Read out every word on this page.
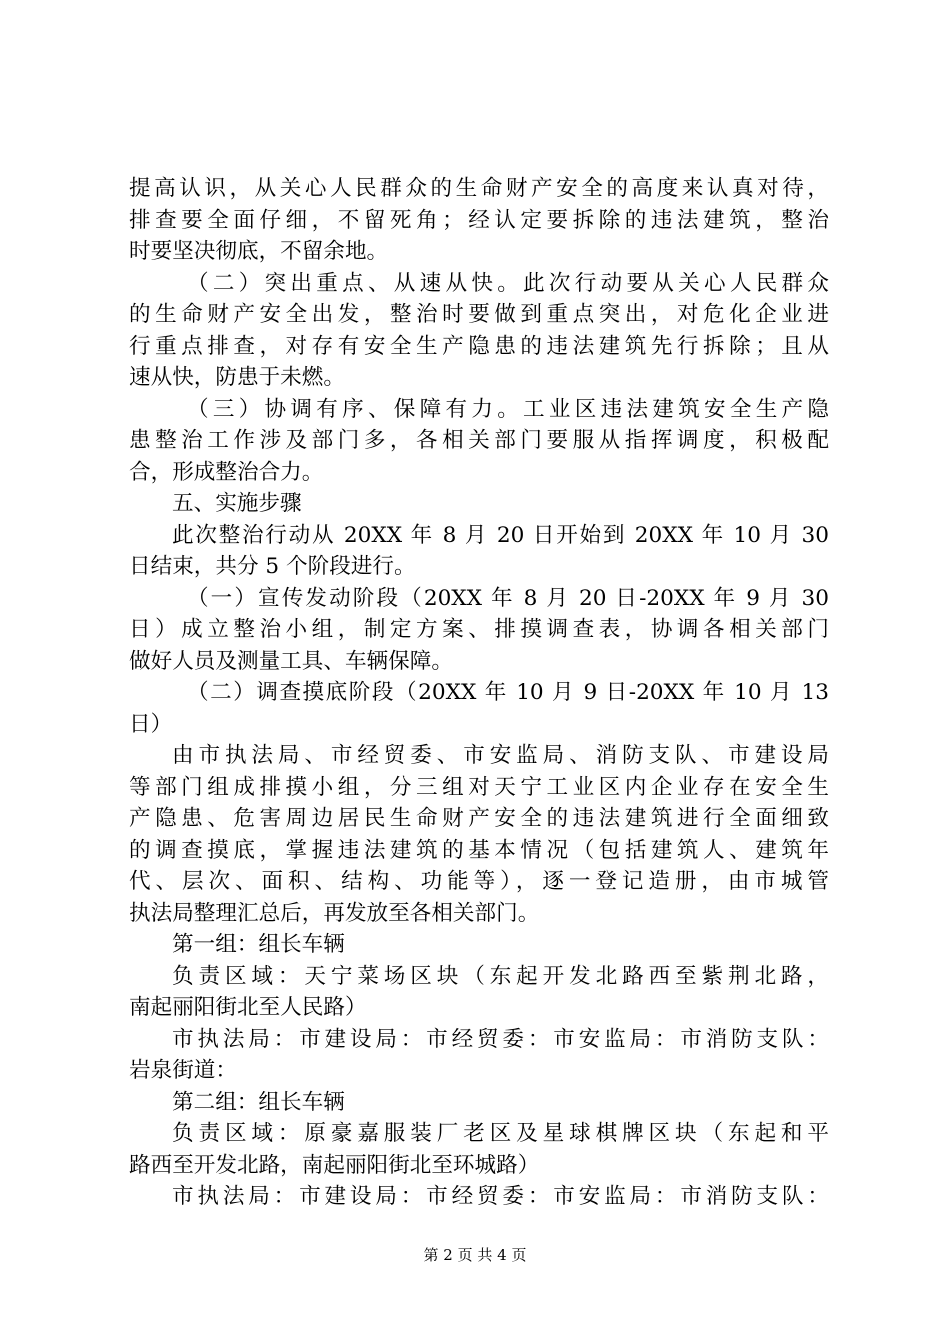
提高认识，从关心人民群众的生命财产安全的高度来认真对待，
排查要全面仔细，不留死角；经认定要拆除的违法建筑，整治
时要坚决彻底，不留余地。
（二）突出重点、从速从快。此次行动要从关心人民群众
的生命财产安全出发，整治时要做到重点突出，对危化企业进
行重点排查，对存有安全生产隐患的违法建筑先行拆除；且从
速从快，防患于未燃。
（三）协调有序、保障有力。工业区违法建筑安全生产隐
患整治工作涉及部门多，各相关部门要服从指挥调度，积极配
合，形成整治合力。
五、实施步骤
此次整治行动从 20XX 年 8 月 20 日开始到 20XX 年 10 月 30
日结束，共分 5 个阶段进行。
（一）宣传发动阶段（20XX 年 8 月 20 日-20XX 年 9 月 30
日）成立整治小组，制定方案、排摸调查表，协调各相关部门
做好人员及测量工具、车辆保障。
（二）调查摸底阶段（20XX 年 10 月 9 日-20XX 年 10 月 13
日）
由市执法局、市经贸委、市安监局、消防支队、市建设局
等部门组成排摸小组，分三组对天宁工业区内企业存在安全生
产隐患、危害周边居民生命财产安全的违法建筑进行全面细致
的调查摸底，掌握违法建筑的基本情况（包括建筑人、建筑年
代、层次、面积、结构、功能等），逐一登记造册，由市城管
执法局整理汇总后，再发放至各相关部门。
第一组：组长车辆
负责区域：天宁菜场区块（东起开发北路西至紫荆北路，
南起丽阳街北至人民路）
市执法局：市建设局：市经贸委：市安监局：市消防支队：
岩泉街道：
第二组：组长车辆
负责区域：原豪嘉服装厂老区及星球棋牌区块（东起和平
路西至开发北路，南起丽阳街北至环城路）
市执法局：市建设局：市经贸委：市安监局：市消防支队：
第 2 页 共 4 页
